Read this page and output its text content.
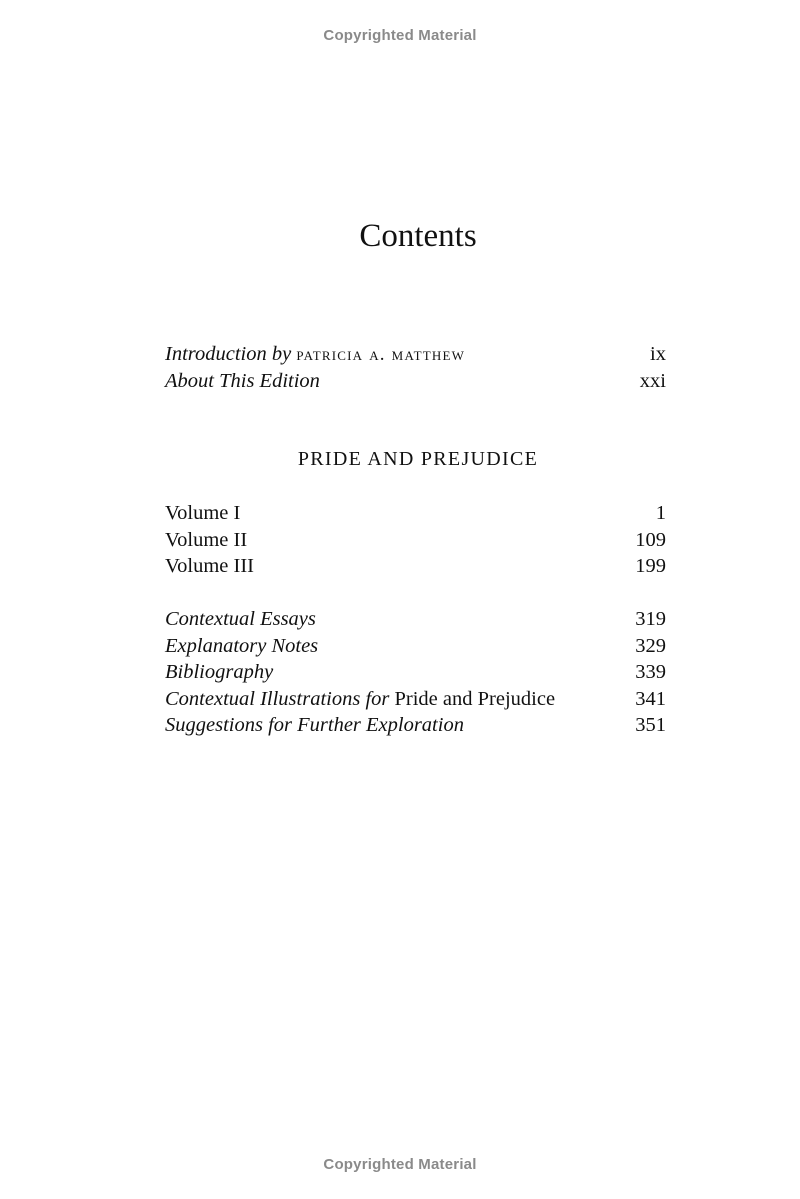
Copyrighted Material
Contents
Introduction by patricia a. matthew	ix
About This Edition	xxi
PRIDE AND PREJUDICE
Volume I	1
Volume II	109
Volume III	199
Contextual Essays	319
Explanatory Notes	329
Bibliography	339
Contextual Illustrations for Pride and Prejudice	341
Suggestions for Further Exploration	351
Copyrighted Material
